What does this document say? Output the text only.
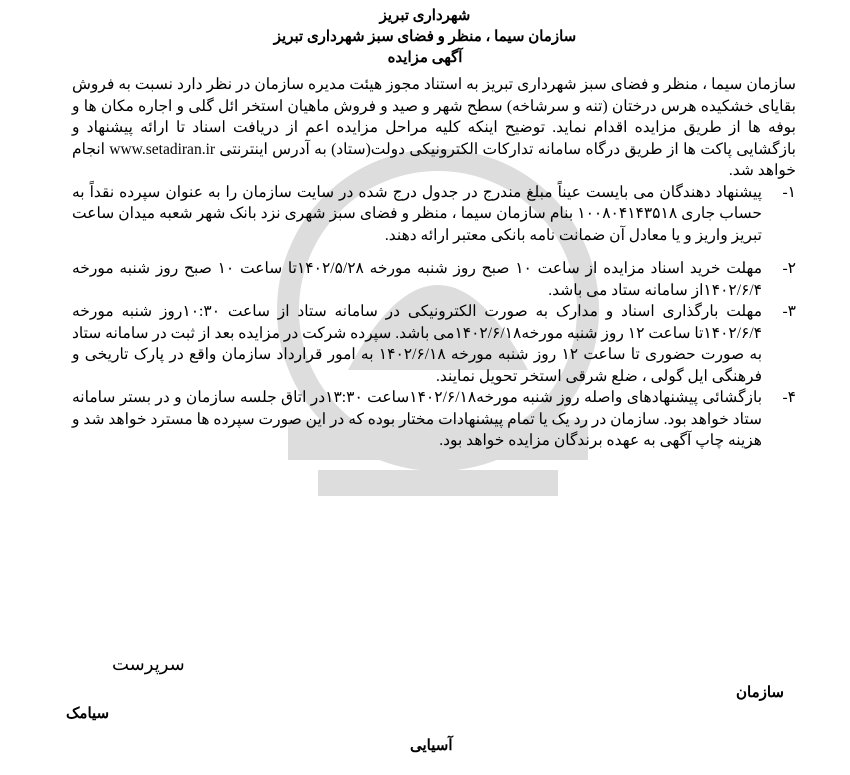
شهرداری تبریز
سازمان سیما ، منظر و فضای سبز شهرداری تبریز
آگهی مزایده

سازمان سیما ، منظر و فضای سبز شهرداری تبریز به استناد مجوز هیئت مدیره سازمان در نظر دارد نسبت به فروش بقایای خشکیده هرس درختان (تنه و سرشاخه) سطح شهر و صید و فروش ماهیان استخر ائل گلی و اجاره مکان ها و بوفه ها از طریق مزایده اقدام نماید. توضیح اینکه کلیه مراحل مزایده اعم از دریافت اسناد تا ارائه پیشنهاد و بازگشایی پاکت ها از طریق درگاه سامانه تدارکات الکترونیکی دولت(ستاد) به آدرس اینترنتی www.setadiran.ir انجام خواهد شد.

۱-
پیشنهاد دهندگان می بایست عیناً مبلغ مندرج در جدول درج شده در سایت سازمان را به عنوان سپرده نقداً به حساب جاری ۱۰۰۸۰۴۱۴۳۵۱۸ بنام سازمان سیما ، منظر و فضای سبز شهری نزد بانک شهر شعبه میدان ساعت تبریز واریز و یا معادل آن ضمانت نامه بانکی معتبر ارائه دهند.
۲-
مهلت خرید اسناد مزایده از ساعت ۱۰ صبح روز شنبه مورخه ۱۴۰۲/۵/۲۸تا ساعت ۱۰ صبح روز شنبه مورخه ۱۴۰۲/۶/۴از سامانه ستاد می باشد.
۳-
مهلت بارگذاری اسناد و مدارک به صورت الکترونیکی در سامانه ستاد از ساعت ۱۰:۳۰روز شنبه مورخه ۱۴۰۲/۶/۴تا ساعت ۱۲ روز شنبه مورخه۱۴۰۲/۶/۱۸می باشد. سپرده شرکت در مزایده بعد از ثبت در سامانه ستاد به صورت حضوری تا ساعت ۱۲ روز شنبه مورخه ۱۴۰۲/۶/۱۸ به امور قرارداد سازمان واقع در پارک تاریخی و فرهنگی ایل گولی ، ضلع شرقی استخر تحویل نمایند.
۴-
بازگشائی پیشنهادهای واصله روز شنبه مورخه۱۴۰۲/۶/۱۸ساعت ۱۳:۳۰در اتاق جلسه سازمان و در بستر سامانه ستاد خواهد بود. سازمان در رد یک یا تمام پیشنهادات مختار بوده که در این صورت سپرده ها مسترد خواهد شد و هزینه چاپ آگهی به عهده برندگان مزایده خواهد بود.
سرپرست
سازمان
سیامک
آسیایی
